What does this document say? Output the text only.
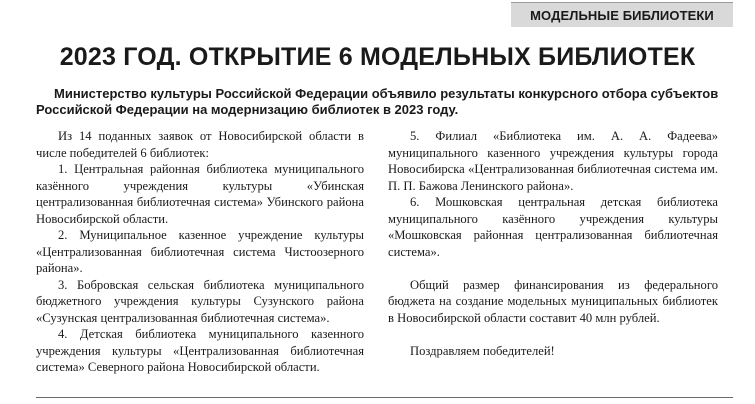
МОДЕЛЬНЫЕ БИБЛИОТЕКИ
2023 ГОД. ОТКРЫТИЕ 6 МОДЕЛЬНЫХ БИБЛИОТЕК

Министерство культуры Российской Федерации объявило результаты конкурсного отбора субъектов Российской Федерации на модернизацию библиотек в 2023 году.

Из 14 поданных заявок от Новосибирской области в числе победителей 6 библиотек:

1. Центральная районная библиотека муниципального казённого учреждения культуры «Убинская централизованная библиотечная система» Убинского района Новосибирской области.

2. Муниципальное казенное учреждение культуры «Централизованная библиотечная система Чистоозерного района».

3. Бобровская сельская библиотека муниципального бюджетного учреждения культуры Сузунского района «Сузунская централизованная библиотечная система».

4. Детская библиотека муниципального казенного учреждения культуры «Централизованная библиотечная система» Северного района Новосибирской области.

5. Филиал «Библиотека им. А. А. Фадеева» муниципального казенного учреждения культуры города Новосибирска «Централизованная библиотечная система им. П. П. Бажова Ленинского района».

6. Мошковская центральная детская библиотека муниципального казённого учреждения культуры «Мошковская районная централизованная библиотечная система».

Общий размер финансирования из федерального бюджета на создание модельных муниципальных библиотек в Новосибирской области составит 40 млн рублей.

Поздравляем победителей!
